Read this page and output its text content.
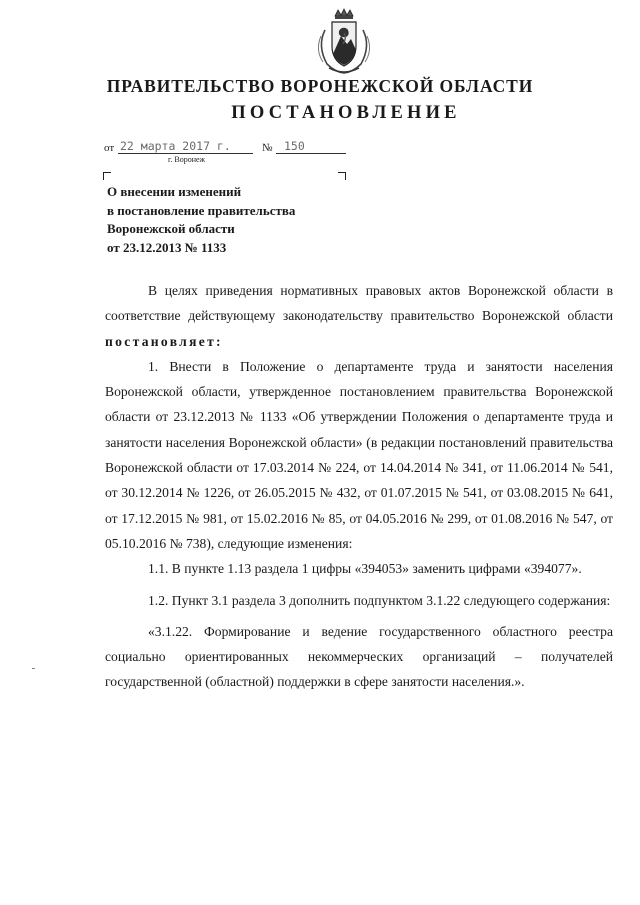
ПРАВИТЕЛЬСТВО ВОРОНЕЖСКОЙ ОБЛАСТИ
ПОСТАНОВЛЕНИЕ
от 22 марта 2017 г.	№ 150
г. Воронеж
О внесении изменений
в постановление правительства
Воронежской области
от 23.12.2013 № 1133

В целях приведения нормативных правовых актов Воронежской области в соответствие действующему законодательству правительство Воронежской области постановляет:

1. Внести в Положение о департаменте труда и занятости населения Воронежской области, утвержденное постановлением правительства Воронежской области от 23.12.2013 № 1133 «Об утверждении Положения о департаменте труда и занятости населения Воронежской области» (в редакции постановлений правительства Воронежской области от 17.03.2014 № 224, от 14.04.2014 № 341, от 11.06.2014 № 541, от 30.12.2014 № 1226, от 26.05.2015 № 432, от 01.07.2015 № 541, от 03.08.2015 № 641, от 17.12.2015 № 981, от 15.02.2016 № 85, от 04.05.2016 № 299, от 01.08.2016 № 547, от 05.10.2016 № 738), следующие изменения:

1.1. В пункте 1.13 раздела 1 цифры «394053» заменить цифрами «394077».

1.2. Пункт 3.1 раздела 3 дополнить подпунктом 3.1.22 следующего содержания:

«3.1.22. Формирование и ведение государственного областного реестра социально ориентированных некоммерческих организаций – получателей государственной (областной) поддержки в сфере занятости населения.».
